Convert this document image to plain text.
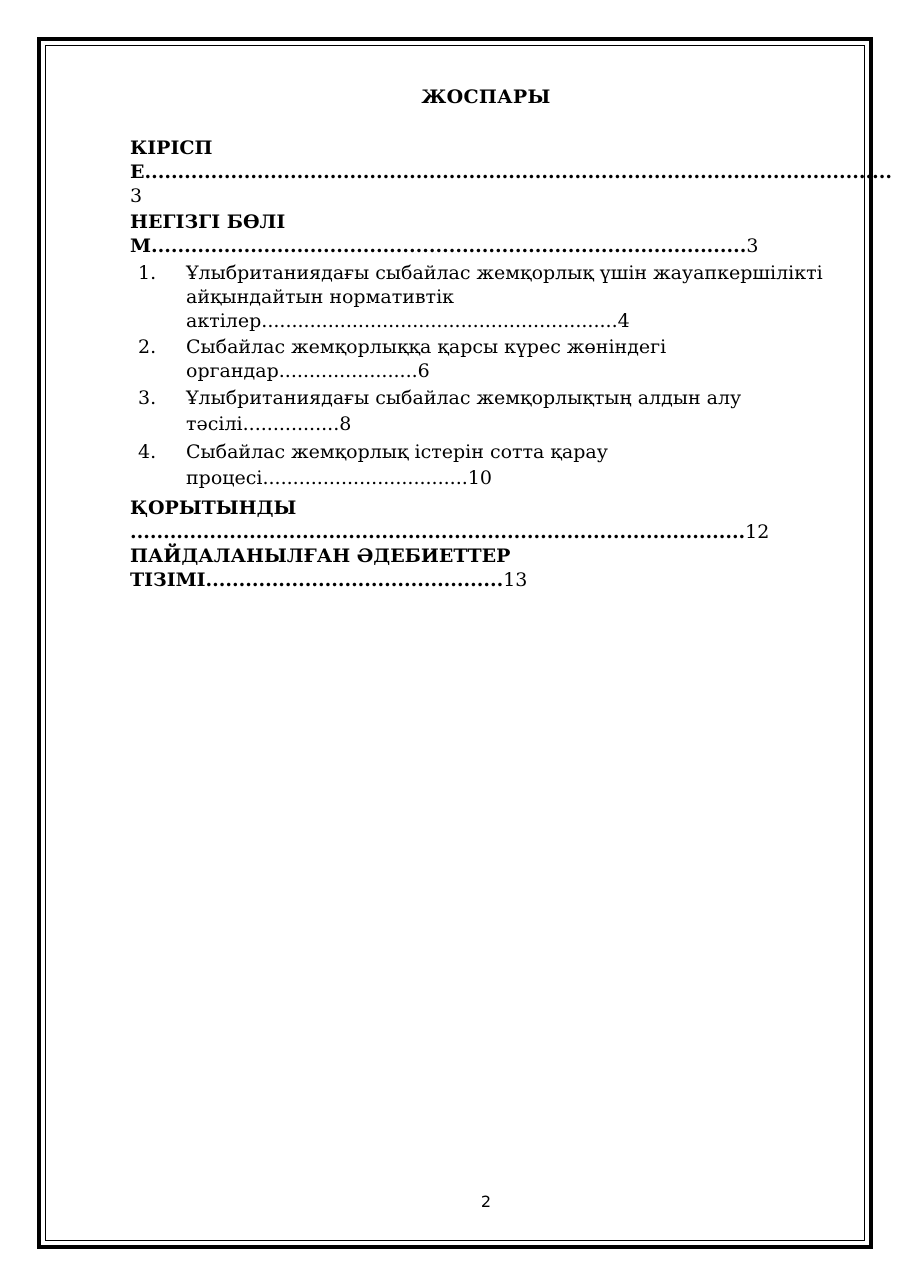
ЖОСПАРЫ
КІРІСПЕ.................................................................................................................3
НЕГІЗГІ БӨЛІМ..........................................................................................3
1. Ұлыбританиядағы сыбайлас жемқорлық үшін жауапкершілікті айқындайтын нормативтік актілер...........................................................4
2. Сыбайлас жемқорлыққа қарсы күрес жөніндегі органдар.......................6
3. Ұлыбританиядағы сыбайлас жемқорлықтың алдын алу тәсілі................8
4. Сыбайлас жемқорлық істерін сотта қарау процесі..................................10
ҚОРЫТЫНДЫ .............................................................................................12
ПАЙДАЛАНЫЛҒАН ӘДЕБИЕТТЕР ТІЗІМІ.............................................13
2
